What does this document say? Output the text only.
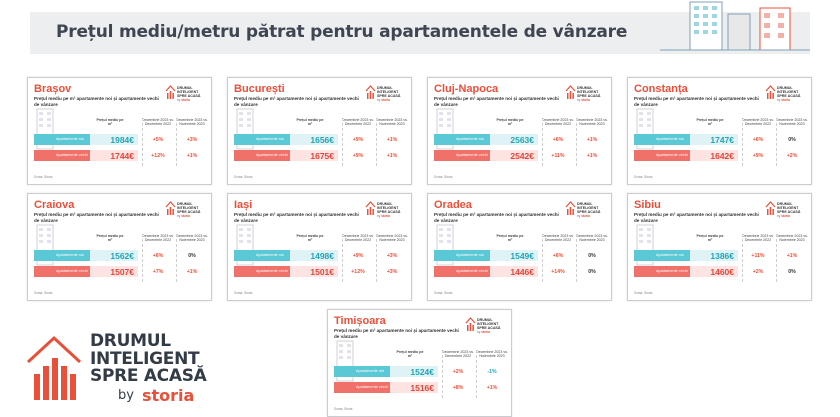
Prețul mediu/metru pătrat pentru apartamentele de vânzare
Brașov
Prețul mediu pe m² apartamente noi și apartamente vechi de vânzare
DRUMUL INTELIGENT SPRE ACASĂ
by storia
Prețul mediu pe m²
Decembrie 2023 vs. Decembrie 2022
Decembrie 2023 vs. Noiembrie 2023
Apartamente noi	1984€	+5%	+3%
Apartamente vechi	1744€	+12%	+1%
Sursa: Storia
București
Prețul mediu pe m² apartamente noi și apartamente vechi de vânzare
DRUMUL INTELIGENT SPRE ACASĂ
by storia
Prețul mediu pe m²
Decembrie 2023 vs. Decembrie 2022
Decembrie 2023 vs. Noiembrie 2023
Apartamente noi	1656€	+9%	+1%
Apartamente vechi	1675€	+9%	+1%
Sursa: Storia
Cluj-Napoca
Prețul mediu pe m² apartamente noi și apartamente vechi de vânzare
DRUMUL INTELIGENT SPRE ACASĂ
by storia
Prețul mediu pe m²
Decembrie 2023 vs. Decembrie 2022
Decembrie 2023 vs. Noiembrie 2023
Apartamente noi	2563€	+6%	+1%
Apartamente vechi	2542€	+11%	+1%
Sursa: Storia
Constanța
Prețul mediu pe m² apartamente noi și apartamente vechi de vânzare
DRUMUL INTELIGENT SPRE ACASĂ
by storia
Prețul mediu pe m²
Decembrie 2023 vs. Decembrie 2022
Decembrie 2023 vs. Noiembrie 2023
Apartamente noi	1747€	+6%	0%
Apartamente vechi	1642€	+9%	+2%
Sursa: Storia
Craiova
Prețul mediu pe m² apartamente noi și apartamente vechi de vânzare
DRUMUL INTELIGENT SPRE ACASĂ
by storia
Prețul mediu pe m²
Decembrie 2023 vs. Decembrie 2022
Decembrie 2023 vs. Noiembrie 2023
Apartamente noi	1562€	+6%	0%
Apartamente vechi	1507€	+7%	+1%
Sursa: Storia
Iași
Prețul mediu pe m² apartamente noi și apartamente vechi de vânzare
DRUMUL INTELIGENT SPRE ACASĂ
by storia
Prețul mediu pe m²
Decembrie 2023 vs. Decembrie 2022
Decembrie 2023 vs. Noiembrie 2023
Apartamente noi	1498€	+9%	+3%
Apartamente vechi	1501€	+12%	+3%
Sursa: Storia
Oradea
Prețul mediu pe m² apartamente noi și apartamente vechi de vânzare
DRUMUL INTELIGENT SPRE ACASĂ
by storia
Prețul mediu pe m²
Decembrie 2023 vs. Decembrie 2022
Decembrie 2023 vs. Noiembrie 2023
Apartamente noi	1549€	+6%	0%
Apartamente vechi	1446€	+14%	0%
Sursa: Storia
Sibiu
Prețul mediu pe m² apartamente noi și apartamente vechi de vânzare
DRUMUL INTELIGENT SPRE ACASĂ
by storia
Prețul mediu pe m²
Decembrie 2023 vs. Decembrie 2022
Decembrie 2023 vs. Noiembrie 2023
Apartamente noi	1386€	+11%	+1%
Apartamente vechi	1460€	+2%	0%
Sursa: Storia
Timișoara
Prețul mediu pe m² apartamente noi și apartamente vechi de vânzare
DRUMUL INTELIGENT SPRE ACASĂ
by storia
Prețul mediu pe m²
Decembrie 2023 vs. Decembrie 2022
Decembrie 2023 vs. Noiembrie 2023
Apartamente noi	1524€	+2%	-1%
Apartamente vechi	1516€	+8%	+1%
Sursa: Storia
DRUMUL
INTELIGENT
SPRE ACASĂ
by storia
